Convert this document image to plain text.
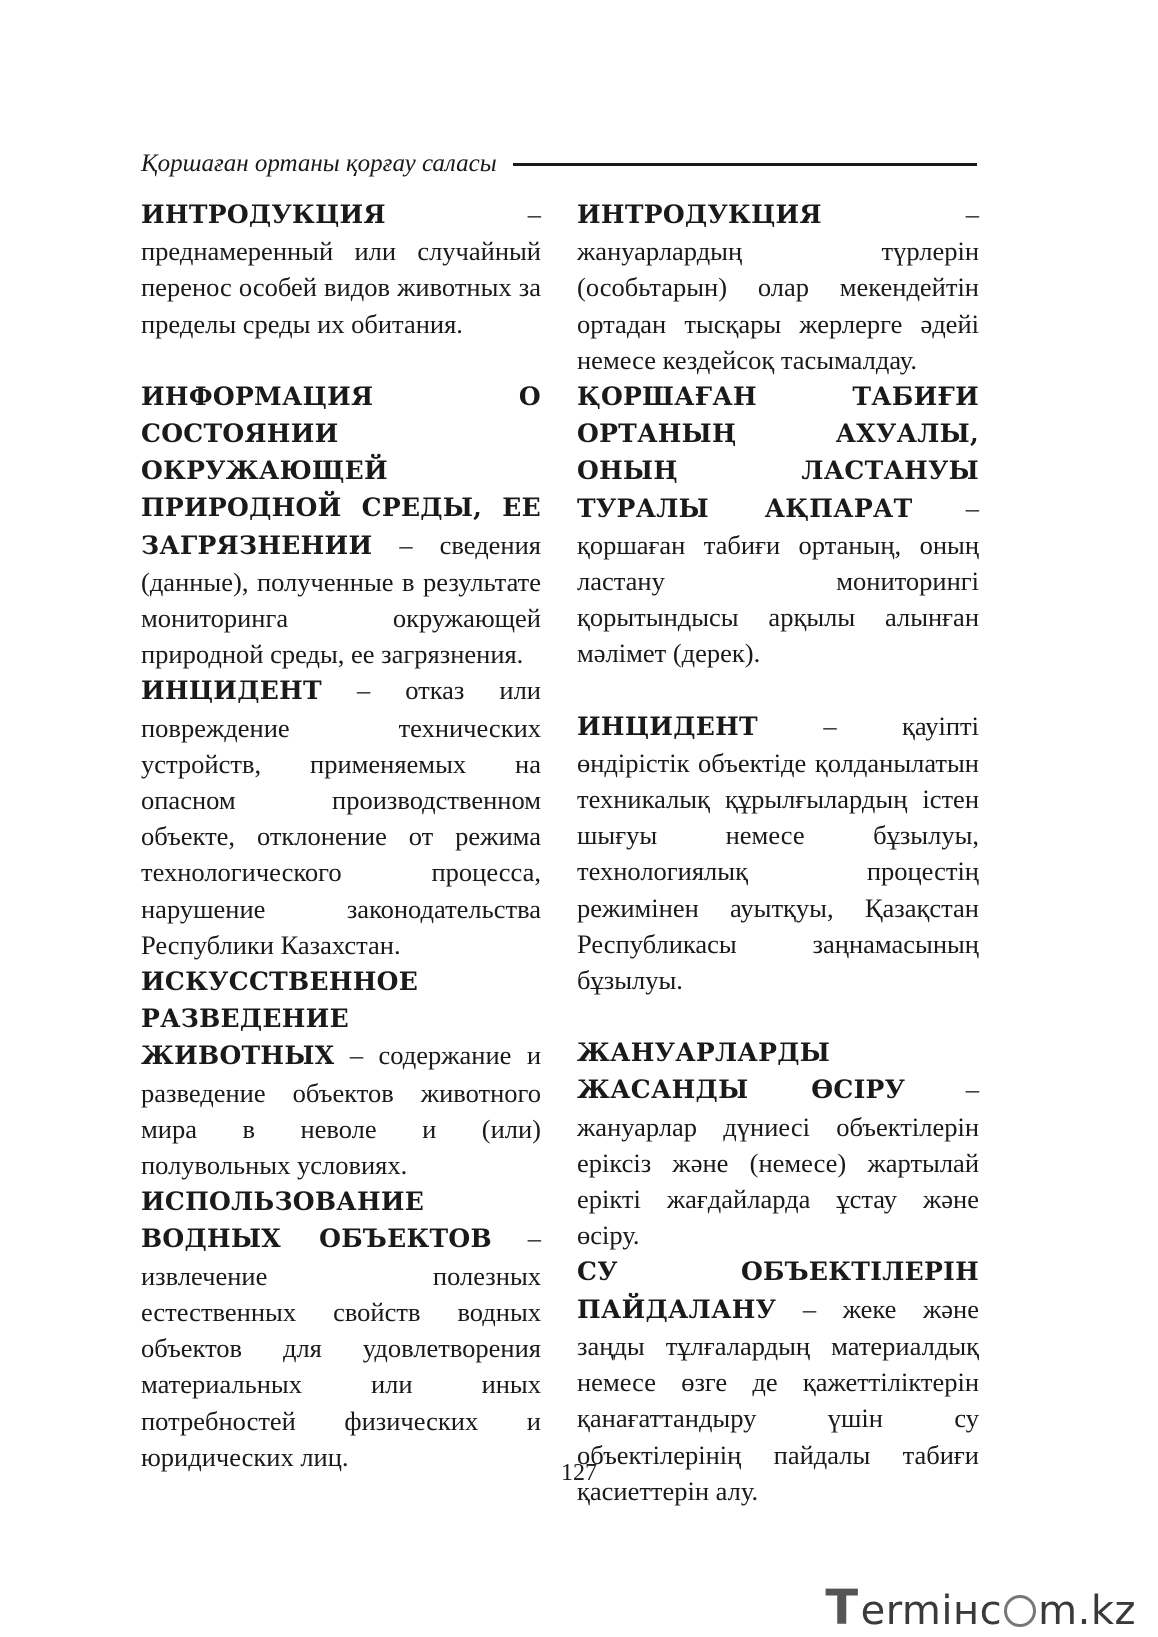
Қоршаған ортаны қорғау саласы

ИНТРОДУКЦИЯ – преднамеренный или случайный перенос особей видов животных за пределы среды их обитания.

ИНФОРМАЦИЯ О СОСТОЯНИИ ОКРУЖАЮЩЕЙ ПРИРОДНОЙ СРЕДЫ, ЕЕ ЗАГРЯЗНЕНИИ – сведения (данные), полученные в результате мониторинга окружающей природной среды, ее загрязнения.

ИНЦИДЕНТ – отказ или повреждение технических устройств, применяемых на опасном производственном объекте, отклонение от режима технологического процесса, нарушение законодательства Республики Казахстан.

ИСКУССТВЕННОЕ РАЗВЕДЕНИЕ ЖИВОТНЫХ – содержание и разведение объектов животного мира в неволе и (или) полувольных условиях.

ИСПОЛЬЗОВАНИЕ ВОДНЫХ ОБЪЕКТОВ – извлечение полезных естественных свойств водных объектов для удовлетворения материальных или иных потребностей физических и юридических лиц.

ИНТРОДУКЦИЯ – жануарлардың түрлерін (особьтарын) олар мекендейтін ортадан тысқары жерлерге әдейі немесе кездейсоқ тасымалдау.

ҚОРШАҒАН ТАБИҒИ ОРТАНЫҢ АХУАЛЫ, ОНЫҢ ЛАСТАНУЫ ТУРАЛЫ АҚПАРАТ – қоршаған табиғи ортаның, оның ластану мониторингі қорытындысы арқылы алынған мәлімет (дерек).

ИНЦИДЕНТ – қауіпті өндірістік объектіде қолданылатын техникалық құрылғылардың істен шығуы немесе бұзылуы, технологиялық процестің режимінен ауытқуы, Қазақстан Республикасы заңнамасының бұзылуы.

ЖАНУАРЛАРДЫ ЖАСАНДЫ ӨСІРУ – жануарлар дүниесі объектілерін еріксіз және (немесе) жартылай ерікті жағдайларда ұстау және өсіру.

СУ ОБЪЕКТІЛЕРІН ПАЙДАЛАНУ – жеке және заңды тұлғалардың материалдық немесе өзге де қажеттіліктерін қанағаттандыру үшін су объектілерінің пайдалы табиғи қасиеттерін алу.

127
T ermінc m.kz
